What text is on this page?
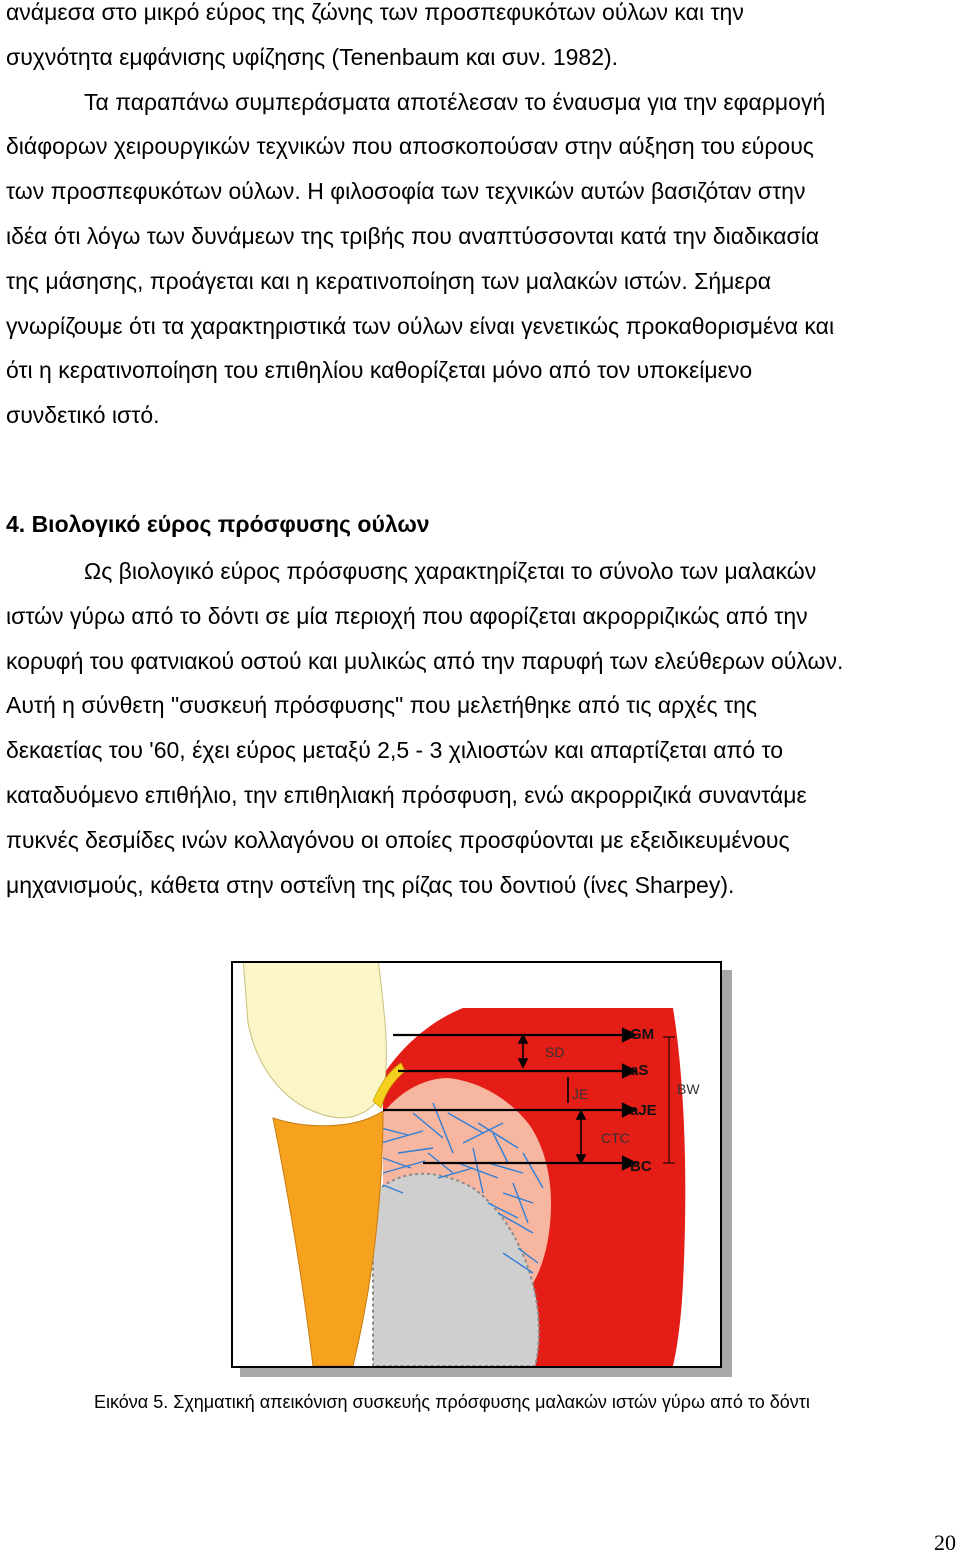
ανάμεσα στο μικρό εύρος της ζώνης των προσπεφυκότων ούλων και την
συχνότητα εμφάνισης υφίζησης (Tenenbaum και συν. 1982).
Τα παραπάνω συμπεράσματα αποτέλεσαν το έναυσμα για την εφαρμογή
διάφορων χειρουργικών τεχνικών που αποσκοπούσαν στην αύξηση του εύρους
των προσπεφυκότων ούλων. Η φιλοσοφία των τεχνικών αυτών βασιζόταν στην
ιδέα ότι λόγω των δυνάμεων της τριβής που αναπτύσσονται κατά την διαδικασία
της μάσησης, προάγεται και η κερατινοποίηση των μαλακών ιστών. Σήμερα
γνωρίζουμε ότι τα χαρακτηριστικά των ούλων είναι γενετικώς προκαθορισμένα και
ότι η κερατινοποίηση του επιθηλίου καθορίζεται μόνο από τον υποκείμενο
συνδετικό ιστό.
4. Βιολογικό εύρος πρόσφυσης ούλων
Ως βιολογικό εύρος πρόσφυσης χαρακτηρίζεται το σύνολο των μαλακών
ιστών γύρω από το δόντι σε μία περιοχή που αφορίζεται ακρορριζικώς από την
κορυφή του φατνιακού οστού και μυλικώς από την παρυφή των ελεύθερων ούλων.
Αυτή η σύνθετη "συσκευή πρόσφυσης" που μελετήθηκε από τις αρχές της
δεκαετίας του '60, έχει εύρος μεταξύ 2,5 - 3 χιλιοστών και απαρτίζεται από το
καταδυόμενο επιθήλιο, την επιθηλιακή πρόσφυση, ενώ ακρορριζικά συναντάμε
πυκνές δεσμίδες ινών κολλαγόνου οι οποίες προσφύονται με εξειδικευμένους
μηχανισμούς, κάθετα στην οστεΐνη της ρίζας του δοντιού (ίνες Sharpey).
GM
aS
aJE
BC
SD
JE
CTC
BW

Εικόνα 5. Σχηματική απεικόνιση συσκευής πρόσφυσης μαλακών ιστών γύρω από το δόντι

20
